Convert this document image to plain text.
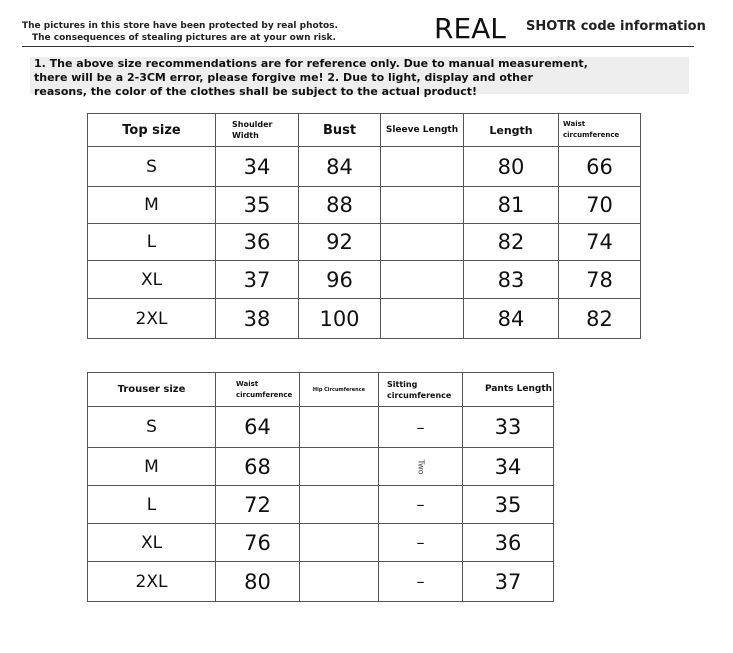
The pictures in this store have been protected by real photos.
The consequences of stealing pictures are at your own risk.	REAL SHOTR code information
1. The above size recommendations are for reference only. Due to manual measurement,
there will be a 2-3CM error, please forgive me! 2. Due to light, display and other
reasons, the color of the clothes shall be subject to the actual product!
Top size	Shoulder Width	Bust	Sleeve Length	Length	Waist circumference
S	34	84		80	66
M	35	88		81	70
L	36	92		82	74
XL	37	96		83	78
2XL	38	100		84	82
Trouser size	Waist circumference	Hip Circumference	Sitting circumference	Pants Length
S	64		–	33
M	68		Two	34
L	72		–	35
XL	76		–	36
2XL	80		–	37
